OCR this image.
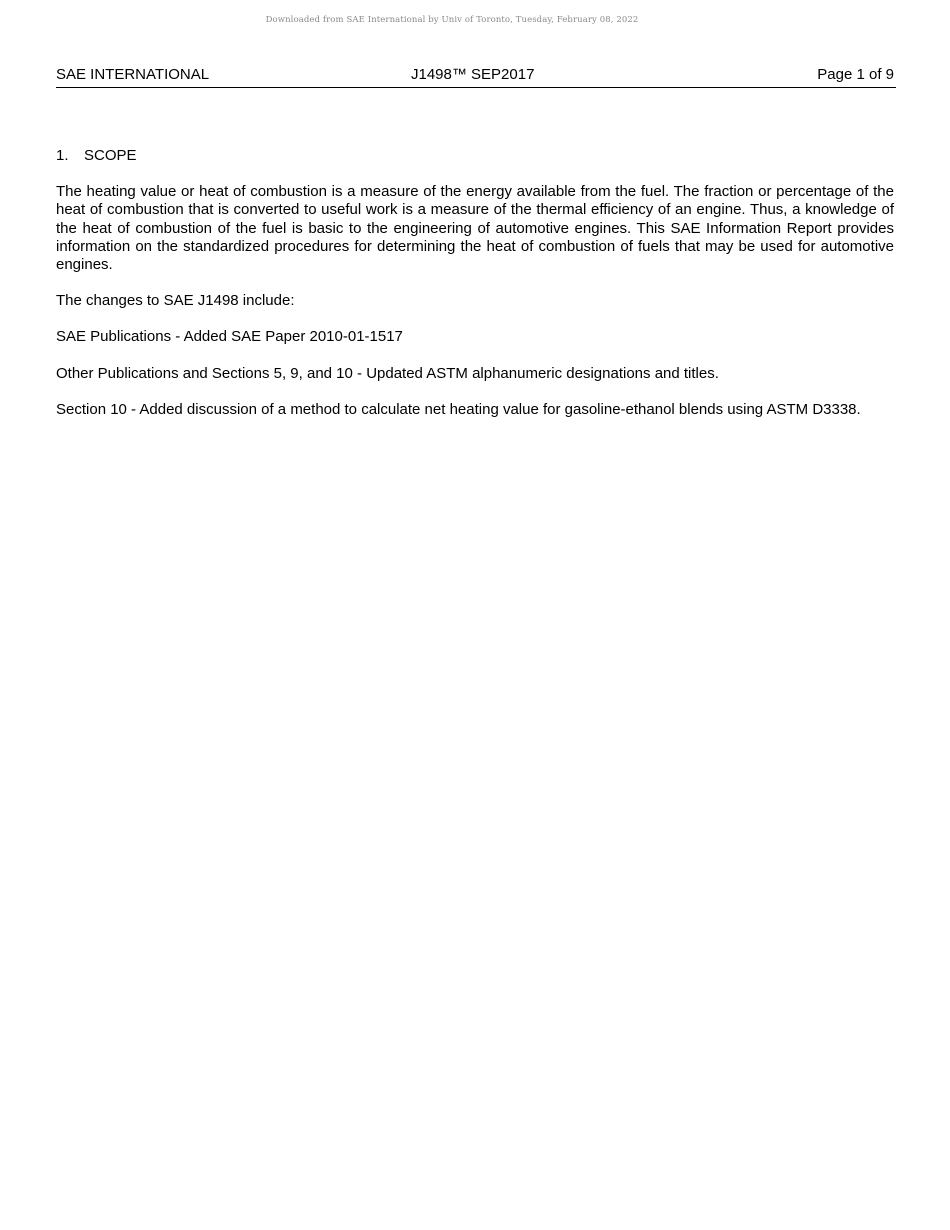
Downloaded from SAE International by Univ of Toronto, Tuesday, February 08, 2022
SAE INTERNATIONAL	J1498™ SEP2017	Page 1 of 9
1. SCOPE

The heating value or heat of combustion is a measure of the energy available from the fuel. The fraction or percentage of the heat of combustion that is converted to useful work is a measure of the thermal efficiency of an engine. Thus, a knowledge of the heat of combustion of the fuel is basic to the engineering of automotive engines. This SAE Information Report provides information on the standardized procedures for determining the heat of combustion of fuels that may be used for automotive engines.

The changes to SAE J1498 include:

SAE Publications - Added SAE Paper 2010-01-1517

Other Publications and Sections 5, 9, and 10 - Updated ASTM alphanumeric designations and titles.

Section 10 - Added discussion of a method to calculate net heating value for gasoline-ethanol blends using ASTM D3338.
